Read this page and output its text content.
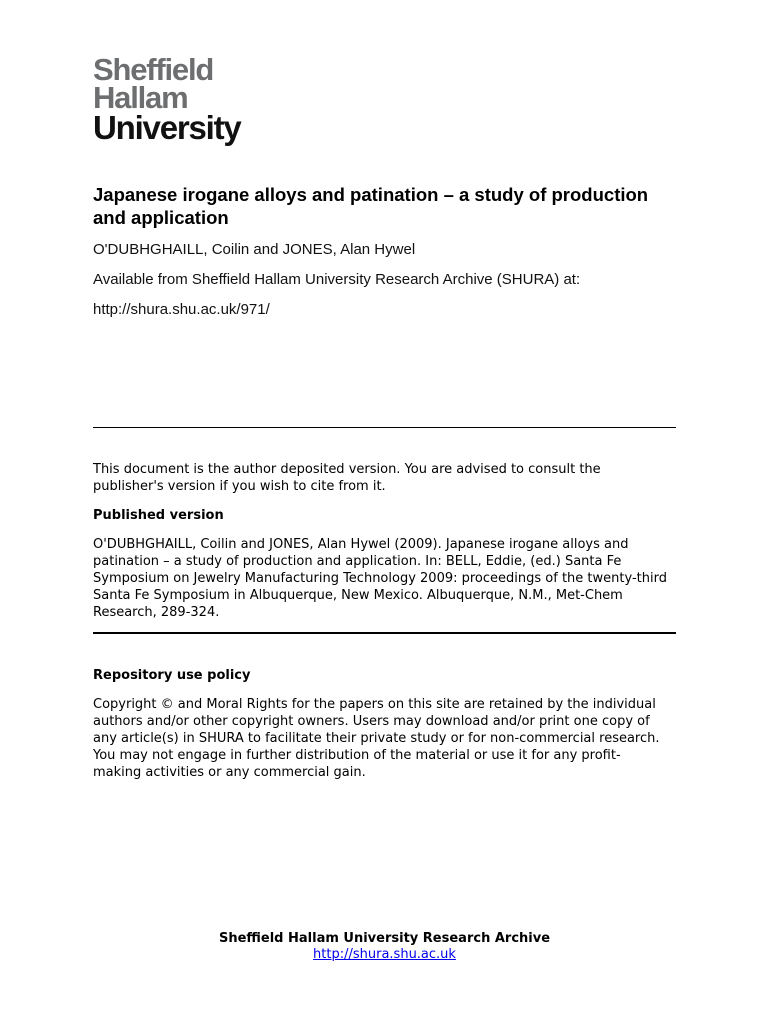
Sheffield
Hallam
University
Japanese irogane alloys and patination – a study of production and application

O'DUBHGHAILL, Coilin and JONES, Alan Hywel

Available from Sheffield Hallam University Research Archive (SHURA) at:

http://shura.shu.ac.uk/971/

This document is the author deposited version. You are advised to consult the publisher's version if you wish to cite from it.

Published version

O'DUBHGHAILL, Coilin and JONES, Alan Hywel (2009). Japanese irogane alloys and patination – a study of production and application. In: BELL, Eddie, (ed.) Santa Fe Symposium on Jewelry Manufacturing Technology 2009: proceedings of the twenty-third Santa Fe Symposium in Albuquerque, New Mexico. Albuquerque, N.M., Met-Chem Research, 289-324.

Repository use policy

Copyright © and Moral Rights for the papers on this site are retained by the individual authors and/or other copyright owners. Users may download and/or print one copy of any article(s) in SHURA to facilitate their private study or for non-commercial research. You may not engage in further distribution of the material or use it for any profit-making activities or any commercial gain.

Sheffield Hallam University Research Archive
http://shura.shu.ac.uk
